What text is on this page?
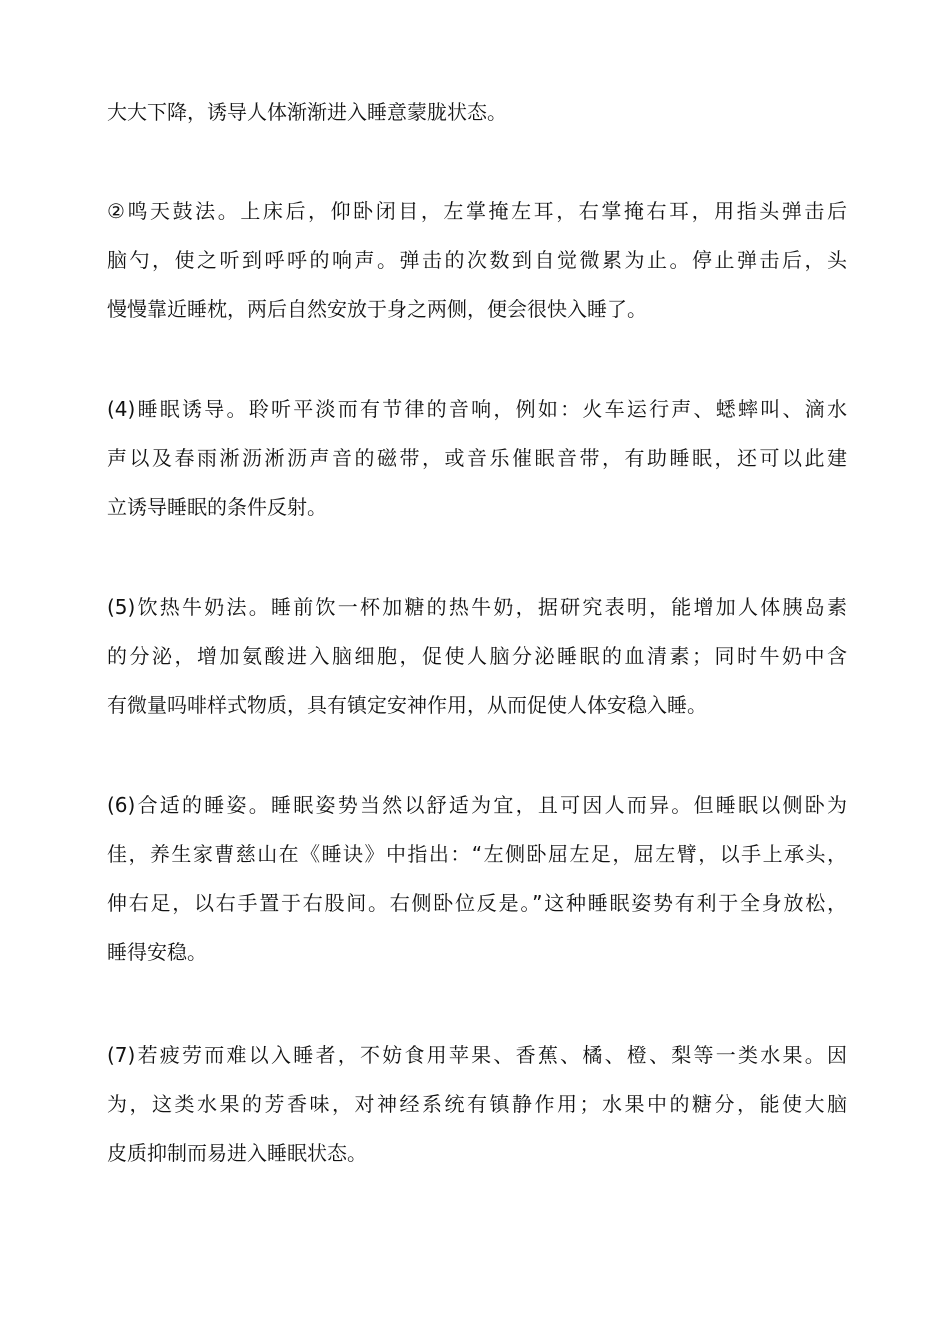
大大下降，诱导人体渐渐进入睡意蒙胧状态。
②鸣天鼓法。上床后，仰卧闭目，左掌掩左耳，右掌掩右耳，用指头弹击后
脑勺，使之听到呼呼的响声。弹击的次数到自觉微累为止。停止弹击后，头
慢慢靠近睡枕，两后自然安放于身之两侧，便会很快入睡了。
(4)睡眠诱导。聆听平淡而有节律的音响，例如：火车运行声、蟋蟀叫、滴水
声以及春雨淅沥淅沥声音的磁带，或音乐催眠音带，有助睡眠，还可以此建
立诱导睡眠的条件反射。
(5)饮热牛奶法。睡前饮一杯加糖的热牛奶，据研究表明，能增加人体胰岛素
的分泌，增加氨酸进入脑细胞，促使人脑分泌睡眠的血清素；同时牛奶中含
有微量吗啡样式物质，具有镇定安神作用，从而促使人体安稳入睡。
(6)合适的睡姿。睡眠姿势当然以舒适为宜，且可因人而异。但睡眠以侧卧为
佳，养生家曹慈山在《睡诀》中指出：“左侧卧屈左足，屈左臂，以手上承头，
伸右足，以右手置于右股间。右侧卧位反是。”这种睡眠姿势有利于全身放松，
睡得安稳。
(7)若疲劳而难以入睡者，不妨食用苹果、香蕉、橘、橙、梨等一类水果。因
为，这类水果的芳香味，对神经系统有镇静作用；水果中的糖分，能使大脑
皮质抑制而易进入睡眠状态。
